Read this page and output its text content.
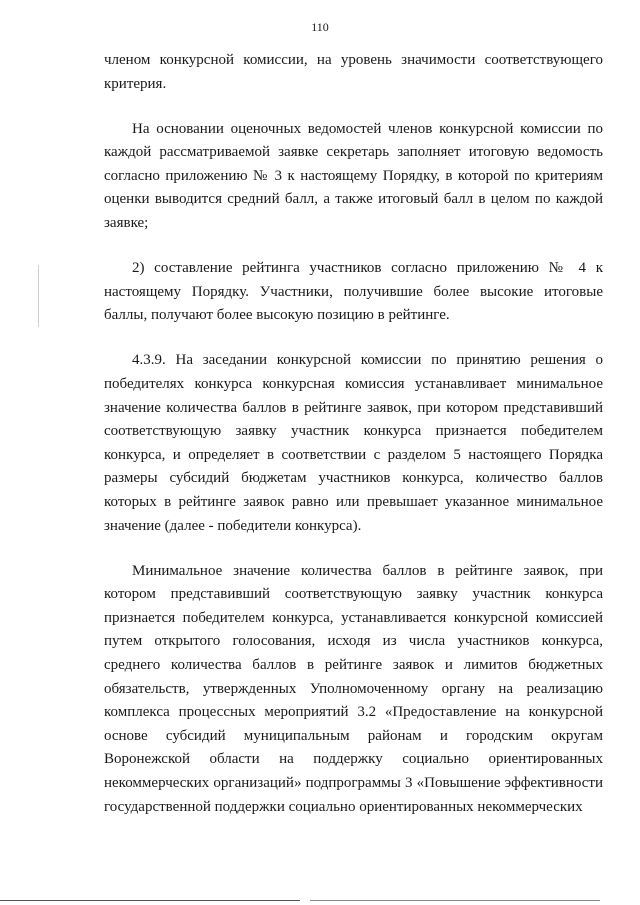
110

членом конкурсной комиссии, на уровень значимости соответствующего критерия.

На основании оценочных ведомостей членов конкурсной комиссии по каждой рассматриваемой заявке секретарь заполняет итоговую ведомость согласно приложению № 3 к настоящему Порядку, в которой по критериям оценки выводится средний балл, а также итоговый балл в целом по каждой заявке;

2) составление рейтинга участников согласно приложению № 4 к настоящему Порядку. Участники, получившие более высокие итоговые баллы, получают более высокую позицию в рейтинге.

4.3.9. На заседании конкурсной комиссии по принятию решения о победителях конкурса конкурсная комиссия устанавливает минимальное значение количества баллов в рейтинге заявок, при котором представивший соответствующую заявку участник конкурса признается победителем конкурса, и определяет в соответствии с разделом 5 настоящего Порядка размеры субсидий бюджетам участников конкурса, количество баллов которых в рейтинге заявок равно или превышает указанное минимальное значение (далее - победители конкурса).

Минимальное значение количества баллов в рейтинге заявок, при котором представивший соответствующую заявку участник конкурса признается победителем конкурса, устанавливается конкурсной комиссией путем открытого голосования, исходя из числа участников конкурса, среднего количества баллов в рейтинге заявок и лимитов бюджетных обязательств, утвержденных Уполномоченному органу на реализацию комплекса процессных мероприятий 3.2 «Предоставление на конкурсной основе субсидий муниципальным районам и городским округам Воронежской области на поддержку социально ориентированных некоммерческих организаций» подпрограммы 3 «Повышение эффективности государственной поддержки социально ориентированных некоммерческих
